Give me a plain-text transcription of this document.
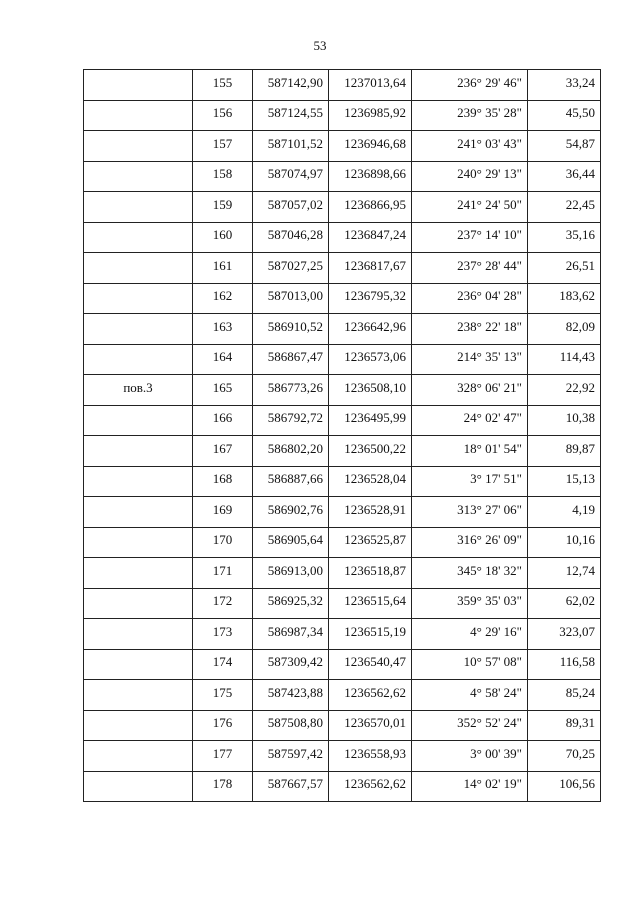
53
	155	587142,90	1237013,64	236° 29' 46"	33,24
	156	587124,55	1236985,92	239° 35' 28"	45,50
	157	587101,52	1236946,68	241° 03' 43"	54,87
	158	587074,97	1236898,66	240° 29' 13"	36,44
	159	587057,02	1236866,95	241° 24' 50"	22,45
	160	587046,28	1236847,24	237° 14' 10"	35,16
	161	587027,25	1236817,67	237° 28' 44"	26,51
	162	587013,00	1236795,32	236° 04' 28"	183,62
	163	586910,52	1236642,96	238° 22' 18"	82,09
	164	586867,47	1236573,06	214° 35' 13"	114,43
пов.3	165	586773,26	1236508,10	328° 06' 21"	22,92
	166	586792,72	1236495,99	24° 02' 47"	10,38
	167	586802,20	1236500,22	18° 01' 54"	89,87
	168	586887,66	1236528,04	3° 17' 51"	15,13
	169	586902,76	1236528,91	313° 27' 06"	4,19
	170	586905,64	1236525,87	316° 26' 09"	10,16
	171	586913,00	1236518,87	345° 18' 32"	12,74
	172	586925,32	1236515,64	359° 35' 03"	62,02
	173	586987,34	1236515,19	4° 29' 16"	323,07
	174	587309,42	1236540,47	10° 57' 08"	116,58
	175	587423,88	1236562,62	4° 58' 24"	85,24
	176	587508,80	1236570,01	352° 52' 24"	89,31
	177	587597,42	1236558,93	3° 00' 39"	70,25
	178	587667,57	1236562,62	14° 02' 19"	106,56
